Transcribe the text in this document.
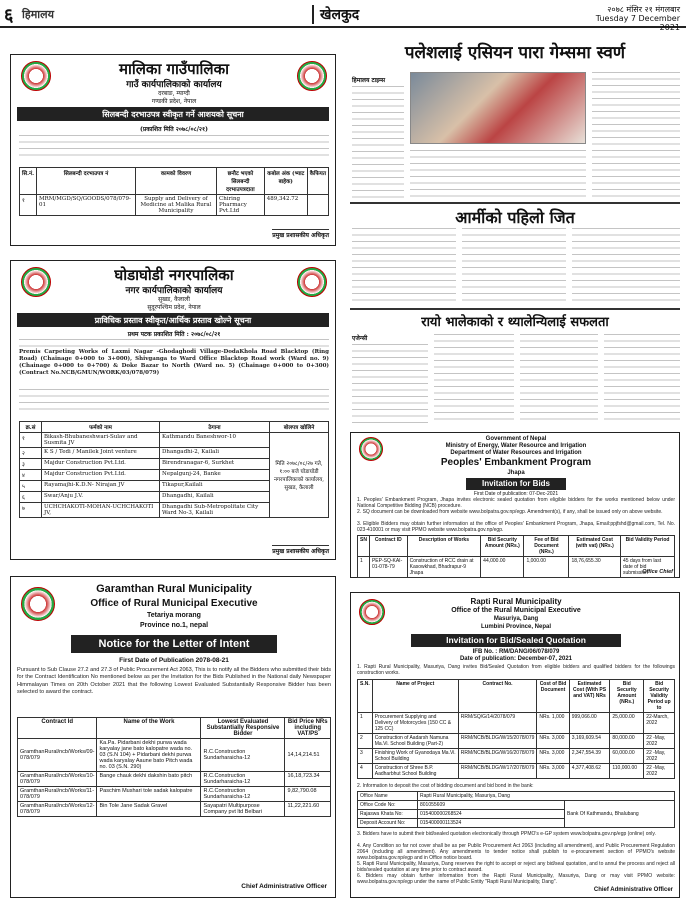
६ हिमालय	खेलकुद	२०७८ मंसिर २१ मंगलबार
Tuesday 7 December 2021
मालिका गाउँपालिका
गाउँ कार्यपालिकाको कार्यालय
दरबाङ, म्याग्दी
गण्डकी प्रदेश, नेपाल
सिलबन्दी दरभाउपत्र स्वीकृत गर्ने आशयको सूचना
(प्रकाशित मिति २०७८/०८/२१)
सि.नं.	सिलबन्दी दरभाउपत्र नं	कामको विवरण	छनौट भएको सिलबन्दी दरभाउपत्रदाता	कबोल अंक (भ्याट बाहेक)	कैफियत
१	MRM/MGD/SQ/GOODS/078/079-01	Supply and Delivery of Medicine at Malika Rural Municipality	Chiring Pharmacy Pvt.Ltd	489,342.72	
प्रमुख प्रशासकीय अधिकृत
घोडाघोडी नगरपालिका
नगर कार्यपालिकाको कार्यालय
सुखड, कैलाली
सुदूरपश्चिम प्रदेश, नेपाल
प्राविधिक प्रस्ताव स्वीकृत/आर्थिक प्रस्ताव खोल्ने सूचना
प्रथम पटक प्रकाशित मिति : २०७८/०८/२१
Premis Carpeting Works of Laxmi Nagar -Ghodaghodi Village-DodaKhola Road Blacktop (Ring Road) (Chainage 0+000 to 3+000), Shivganga to Ward Office Blacktop Road work (Ward no. 9) (Chainage 0+000 to 0+700) & Doke Bazar to North (Ward no. 5) (Chainage 0+000 to 0+300) (Contract No.NCB/GMUN/WORK/03/078/079)
क्र.सं	फर्मको नाम	ठेगाना	बोलपत्र खोलिने
१	Bikash-Bhubaneshwari-Sulav and Susmita JV	Kathmandu Baneshwor-10	मिति २०७८/०८/२७ गते, १:०० बजे घोडाघोडी नगरपालिकाको कार्यालय, सुखड, कैलाली
२	K S / Tedi / Manilek Joint venture	Dhangadhi-2, Kailali	
३	Majdur Construction Pvt.Ltd.	Birendranagar-6, Surkhet	
४	Majdur Construction Pvt.Ltd.	Nepalgunj-24, Banke	
५	Rayamajhi-K.D.N- Nirajan JV	Tikapur,Kailali	
६	Swar/Anju J.V.	Dhangadhi, Kailali	
७	UCHCHAKOTI-MOHAN-UCHCHAKOTI JV,	Dhangadhi Sub-Metropolitate City Ward No-3, Kailali	
प्रमुख प्रशासकीय अधिकृत
Garamthan Rural Municipality
Office of Rural Municipal Executive
Tetariya morang
Province no.1, nepal
Notice for the Letter of Intent
First Date of Publication 2078-08-21
Pursuant to Sub Clause 27.2 and 27.3 of Public Procurement Act 2063, This is to notify all the Bidders who submitted their bids for the Contract Identification No mentioned below as per the Invitation for the Bids Published in the National daily Newspaper Himmalayan Times on 20th October 2021 that the following Lowest Evaluated Substantially Responsive Bidder has been selected to award the contract.
Contract Id	Name of the Work	Lowest Evaluated Substantially Responsive Bidder	Bid Price NRs including VAT/PS
GramthanRural/ncb/Works/09-078/079	Ka.Pa. Pidarbani dekhi purwa wada karyalay jane bato kalopatre wada no. 03 (S.N 104) + Pidarbani dekhi purwa wada karyalay Aaune bato Pitch wada no. 03 (S.N. 290)	R.C.Construction Sundarharaicha-12	14,14,214.51
GramthanRural/ncb/Works/10-078/079	Bange chauk dekhi dakshin bato pitch	R.C.Construction Sundarharaicha-12	16,18,723.34
GramthanRural/ncb/Works/11-078/079	Paschim Mushari tole sadak kalopatre	R.C.Construction Sundarharaicha-12	9,82,790.08
GramthanRural/ncb/Works/12-078/079	Bin Tole Jane Sadak Gravel	Sayapatri Multipurpose Company pvt ltd Belbari	11,22,221.60
Chief Administrative Officer
पलेशलाई एसियन पारा गेम्समा स्वर्ण
हिमालय टाइम्स
आर्मीको पहिलो जित
रायो भालेकाको र थ्यालेन्यिलाई सफलता
एजेन्सी
Government of Nepal
Ministry of Energy, Water Resource and Irrigation
Department of Water Resources and Irrigation
Peoples' Embankment Program
Jhapa
Invitation for Bids
First Date of publication: 07-Dec-2021
1. Peoples' Embankment Program, Jhapa invites electronic sealed quotation from eligible bidders for the works mentioned below under National Competitive Bidding (NCB) procedure.
2. SQ document can be downloaded from website www.bolpatra.gov.np/egp. Amendment(s), if any, shall be issued only on above website.
3. Eligible Bidders may obtain further information at the office of Peoples' Embankment Program, Jhapa, Email:ppjfshd@gmail.com, Tel. No. 023-410001 or may visit PPMO website www.bolpatra.gov.np/egp.
SN	Contract ID	Description of Works	Bid Security Amount (NRs.)	Fee of Bid Document (NRs.)	Estimated Cost (with vat) (NRs.)	Bid Validity Period
1	PEP-SQ-KAI-01-078-79	Construction of RCC drain at Kasowkhad, Bhadrapur-9 Jhapa	44,000.00	1,000.00	18,76,655.30	45 days from last date of bid submission
Office Chief
Rapti Rural Municipality
Office of the Rural Municipal Executive
Masuriya, Dang
Lumbini Province, Nepal
Invitation for Bid/Sealed Quotation
IFB No. : RM/DANG/06/078/079
Date of publication: December-07, 2021
1. Rapti Rural Municipality, Masuriya, Dang invites Bid/Sealed Quotation from eligible bidders and qualified bidders for the followings construction works.
S.N.	Name of Project	Contract No.	Cost of Bid Document	Estimated Cost (With PS and VAT) NRs	Bid Security Amount (NRs.)	Bid Security Validity Period up to
1	Procurement Supplying and Delivery of Motorcycles (150 CC & 125 CC)	RRM/SQ/G/14/2078/079	NRs. 1,000	999,066.00	25,000.00	22-March, 2022
2	Construction of Aadarsh Namuna Ma.Vi. School Building (Part-2)	RRM/NCB/BLDG/W/15/2078/079	NRs. 3,000	3,169,609.54	80,000.00	22 -May, 2022
3	Finishing Work of Gyanodaya Ma.Vi. School Building	RRM/NCB/BLDG/W/16/2078/079	NRs. 3,000	2,347,554.39	60,000.00	22 -May, 2022
4	Construction of Shree B.P. Aadharbhut School Building	RRM/NCB/BLDG/W/17/2078/079	NRs. 3,000	4,377,408.62	110,000.00	22 -May, 2022
2. Information to deposit the cost of bidding document and bid bond in the bank:
Office Name	Rapti Rural Municipality, Masuriya, Dang	
Office Code No:	801055609	Bank Of Kathmandu, Bhalubang
Rajaswa Khata No:	015400000268524	
Deposit Account No:	015400000113524	
3. Bidders have to submit their bid/sealed quotation electronically through PPMO's e-GP system www.bolpatra.gov.np/egp (online) only.
4. Any Condition so far not cover shall be as per Public Procurement Act 2063 (including all amendment), and Public Procurement Regulation 2064 (including all amendment). Any amendments to tender notice shall publish to e-procurement section of PPMO's website www.bolpatra.gov.np/egp and in Office notice board.
5. Rapti Rural Municipality, Masuriya, Dang reserves the right to accept or reject any bid/seal quotation, and to annul the process and reject all bids/sealed quotation at any time prior to contract award.
6. Bidders may obtain further information from the Rapti Rural Municipality, Masuriya, Dang or may visit PPMO website: www.bolpatra.gov.np/egp under the name of Public Entity "Rapti Rural Municipality, Dang".
Chief Administrative Officer
